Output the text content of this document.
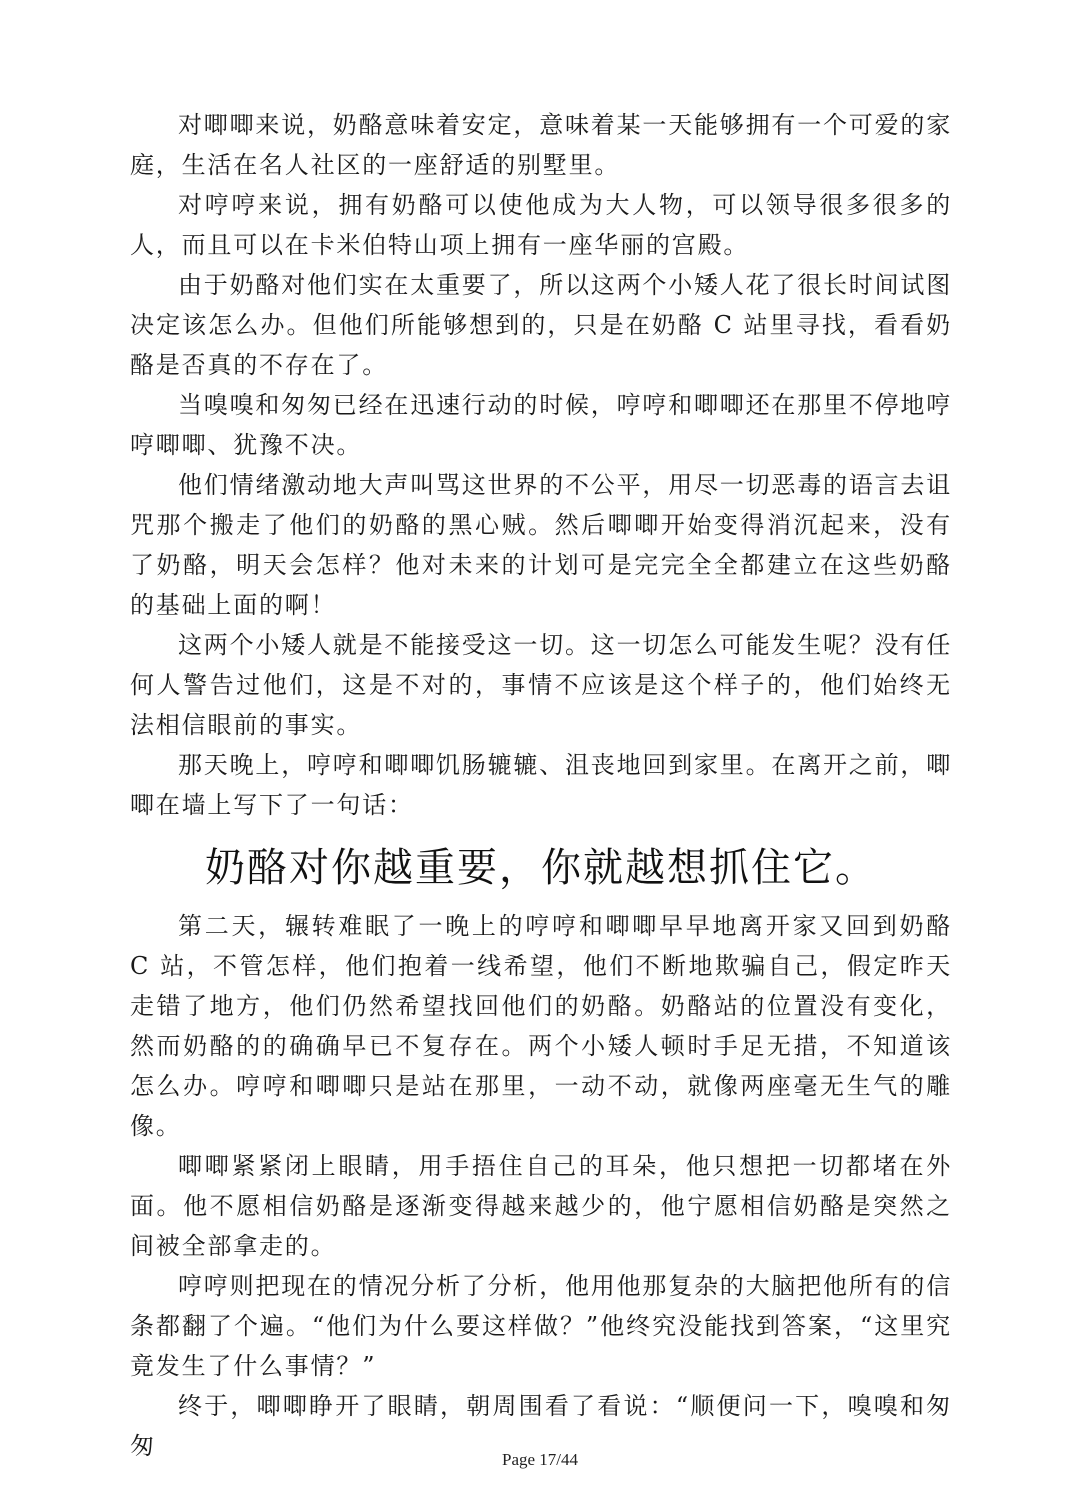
对唧唧来说，奶酪意味着安定，意味着某一天能够拥有一个可爱的家庭，生活在名人社区的一座舒适的别墅里。

对哼哼来说，拥有奶酪可以使他成为大人物，可以领导很多很多的人，而且可以在卡米伯特山项上拥有一座华丽的宫殿。

由于奶酪对他们实在太重要了，所以这两个小矮人花了很长时间试图决定该怎么办。但他们所能够想到的，只是在奶酪 C 站里寻找，看看奶酪是否真的不存在了。

当嗅嗅和匆匆已经在迅速行动的时候，哼哼和唧唧还在那里不停地哼哼唧唧、犹豫不决。

他们情绪激动地大声叫骂这世界的不公平，用尽一切恶毒的语言去诅咒那个搬走了他们的奶酪的黑心贼。然后唧唧开始变得消沉起来，没有了奶酪，明天会怎样？他对未来的计划可是完完全全都建立在这些奶酪的基础上面的啊！

这两个小矮人就是不能接受这一切。这一切怎么可能发生呢？没有任何人警告过他们，这是不对的，事情不应该是这个样子的，他们始终无法相信眼前的事实。

那天晚上，哼哼和唧唧饥肠辘辘、沮丧地回到家里。在离开之前，唧唧在墙上写下了一句话：

奶酪对你越重要，你就越想抓住它。

第二天，辗转难眠了一晚上的哼哼和唧唧早早地离开家又回到奶酪 C 站，不管怎样，他们抱着一线希望，他们不断地欺骗自己，假定昨天走错了地方，他们仍然希望找回他们的奶酪。奶酪站的位置没有变化，然而奶酪的的确确早已不复存在。两个小矮人顿时手足无措，不知道该怎么办。哼哼和唧唧只是站在那里，一动不动，就像两座毫无生气的雕像。

唧唧紧紧闭上眼睛，用手捂住自己的耳朵，他只想把一切都堵在外面。他不愿相信奶酪是逐渐变得越来越少的，他宁愿相信奶酪是突然之间被全部拿走的。

哼哼则把现在的情况分析了分析，他用他那复杂的大脑把他所有的信条都翻了个遍。“他们为什么要这样做？”他终究没能找到答案，“这里究竟发生了什么事情？”

终于，唧唧睁开了眼睛，朝周围看了看说：“顺便问一下，嗅嗅和匆匆	Page 17/44
